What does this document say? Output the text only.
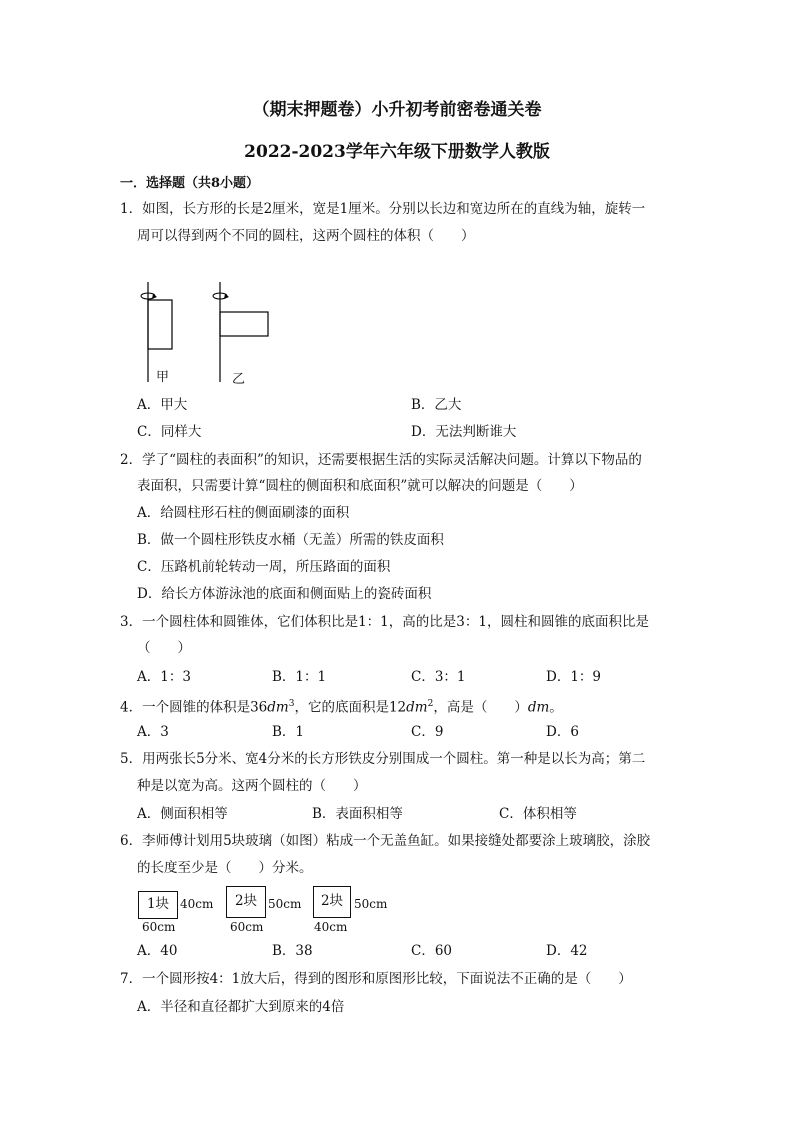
（期末押题卷）小升初考前密卷通关卷
2022-2023学年六年级下册数学人教版
一．选择题（共8小题）
1．如图，长方形的长是2厘米，宽是1厘米。分别以长边和宽边所在的直线为轴，旋转一
周可以得到两个不同的圆柱，这两个圆柱的体积（　　）
甲	乙
A．甲大	B．乙大
C．同样大	D．无法判断谁大
2．学了“圆柱的表面积”的知识，还需要根据生活的实际灵活解决问题。计算以下物品的
表面积，只需要计算“圆柱的侧面积和底面积”就可以解决的问题是（　　）
A．给圆柱形石柱的侧面刷漆的面积
B．做一个圆柱形铁皮水桶（无盖）所需的铁皮面积
C．压路机前轮转动一周，所压路面的面积
D．给长方体游泳池的底面和侧面贴上的瓷砖面积
3．一个圆柱体和圆锥体，它们体积比是1：1，高的比是3：1，圆柱和圆锥的底面积比是
（　　）
A．1：3	B．1：1	C．3：1	D．1：9
4．一个圆锥的体积是$36dm^3$，它的底面积是$12dm^2$，高是（　　）dm。
A．3	B．1	C．9	D．6
5．用两张长5分米、宽4分米的长方形铁皮分别围成一个圆柱。第一种是以长为高；第二
种是以宽为高。这两个圆柱的（　　）
A．侧面积相等	B．表面积相等	C．体积相等
6．李师傅计划用5块玻璃（如图）粘成一个无盖鱼缸。如果接缝处都要涂上玻璃胶，涂胶
的长度至少是（　　）分米。
1块 40cm
60cm
2块 50cm
60cm
2块 50cm
40cm
A．40	B．38	C．60	D．42
7．一个圆形按4：1放大后，得到的图形和原图形比较，下面说法不正确的是（　　）
A．半径和直径都扩大到原来的4倍
